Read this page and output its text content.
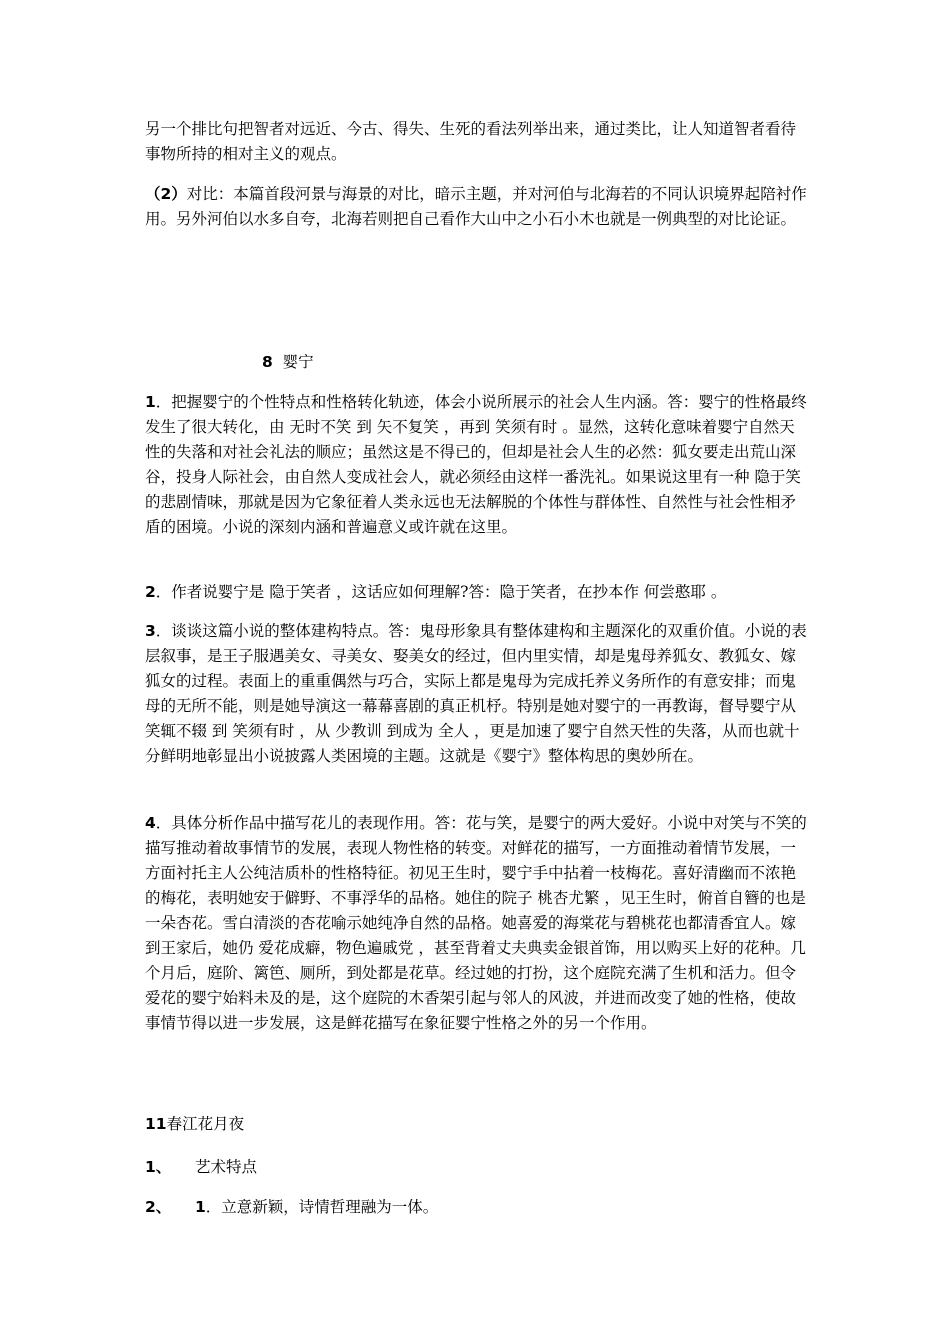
另一个排比句把智者对远近、今古、得失、生死的看法列举出来，通过类比，让人知道智者看待事物所持的相对主义的观点。

（2）对比：本篇首段河景与海景的对比，暗示主题，并对河伯与北海若的不同认识境界起陪衬作用。另外河伯以水多自夸，北海若则把自己看作大山中之小石小木也就是一例典型的对比论证。

8 婴宁

1．把握婴宁的个性特点和性格转化轨迹，体会小说所展示的社会人生内涵。答：婴宁的性格最终发生了很大转化，由 无时不笑 到 矢不复笑 ，再到 笑须有时 。显然，这转化意味着婴宁自然天性的失落和对社会礼法的顺应；虽然这是不得已的，但却是社会人生的必然：狐女要走出荒山深谷，投身人际社会，由自然人变成社会人，就必须经由这样一番洗礼。如果说这里有一种 隐于笑 的悲剧情味，那就是因为它象征着人类永远也无法解脱的个体性与群体性、自然性与社会性相矛盾的困境。小说的深刻内涵和普遍意义或许就在这里。

2．作者说婴宁是 隐于笑者 ，这话应如何理解?答：隐于笑者，在抄本作 何尝憨耶 。

3．谈谈这篇小说的整体建构特点。答：鬼母形象具有整体建构和主题深化的双重价值。小说的表层叙事，是王子服遇美女、寻美女、娶美女的经过，但内里实情，却是鬼母养狐女、教狐女、嫁狐女的过程。表面上的重重偶然与巧合，实际上都是鬼母为完成托养义务所作的有意安排；而鬼母的无所不能，则是她导演这一幕幕喜剧的真正机杼。特别是她对婴宁的一再教诲，督导婴宁从 笑辄不辍 到 笑须有时 ，从 少教训 到成为 全人 ，更是加速了婴宁自然天性的失落，从而也就十分鲜明地彰显出小说披露人类困境的主题。这就是《婴宁》整体构思的奥妙所在。

4．具体分析作品中描写花儿的表现作用。答：花与笑，是婴宁的两大爱好。小说中对笑与不笑的描写推动着故事情节的发展，表现人物性格的转变。对鲜花的描写，一方面推动着情节发展，一方面衬托主人公纯洁质朴的性格特征。初见王生时，婴宁手中拈着一枝梅花。喜好清幽而不浓艳的梅花，表明她安于僻野、不事浮华的品格。她住的院子 桃杏尤繁 ，见王生时，俯首自簪的也是一朵杏花。雪白清淡的杏花喻示她纯净自然的品格。她喜爱的海棠花与碧桃花也都清香宜人。嫁到王家后，她仍 爱花成癖，物色遍戚党 ，甚至背着丈夫典卖金银首饰，用以购买上好的花种。几个月后，庭阶、篱笆、厕所，到处都是花草。经过她的打扮，这个庭院充满了生机和活力。但令爱花的婴宁始料未及的是，这个庭院的木香架引起与邻人的风波，并进而改变了她的性格，使故事情节得以进一步发展，这是鲜花描写在象征婴宁性格之外的另一个作用。

11春江花月夜
1、 艺术特点
2、 1．立意新颖，诗情哲理融为一体。
